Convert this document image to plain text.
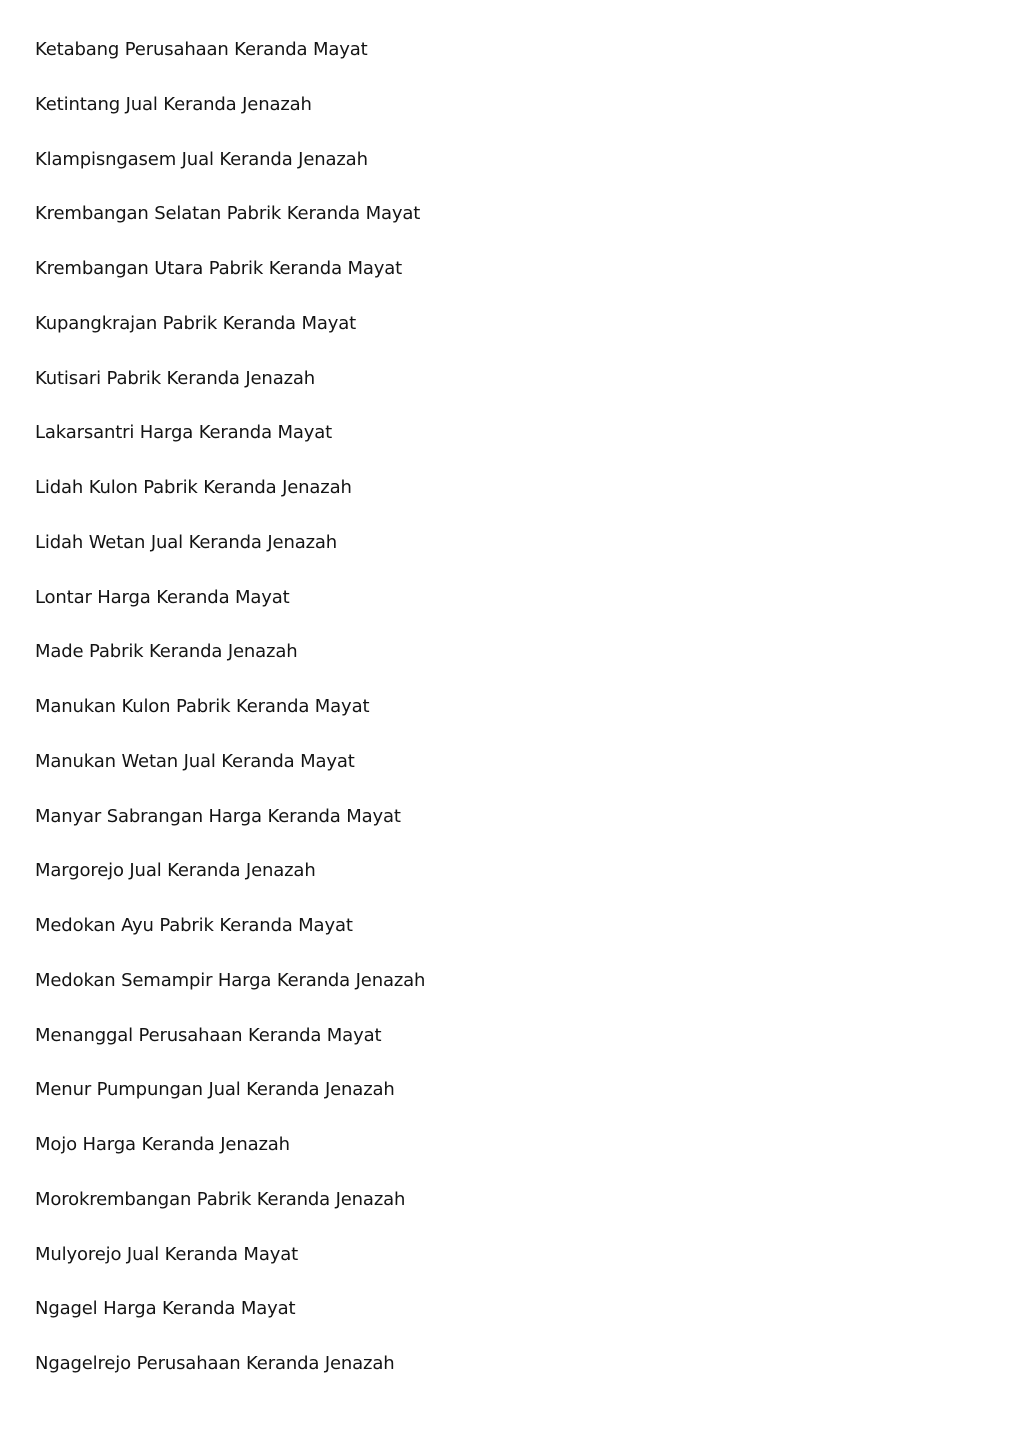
Ketabang Perusahaan Keranda Mayat
Ketintang Jual Keranda Jenazah
Klampisngasem Jual Keranda Jenazah
Krembangan Selatan Pabrik Keranda Mayat
Krembangan Utara Pabrik Keranda Mayat
Kupangkrajan Pabrik Keranda Mayat
Kutisari Pabrik Keranda Jenazah
Lakarsantri Harga Keranda Mayat
Lidah Kulon Pabrik Keranda Jenazah
Lidah Wetan Jual Keranda Jenazah
Lontar Harga Keranda Mayat
Made Pabrik Keranda Jenazah
Manukan Kulon Pabrik Keranda Mayat
Manukan Wetan Jual Keranda Mayat
Manyar Sabrangan Harga Keranda Mayat
Margorejo Jual Keranda Jenazah
Medokan Ayu Pabrik Keranda Mayat
Medokan Semampir Harga Keranda Jenazah
Menanggal Perusahaan Keranda Mayat
Menur Pumpungan Jual Keranda Jenazah
Mojo Harga Keranda Jenazah
Morokrembangan Pabrik Keranda Jenazah
Mulyorejo Jual Keranda Mayat
Ngagel Harga Keranda Mayat
Ngagelrejo Perusahaan Keranda Jenazah
